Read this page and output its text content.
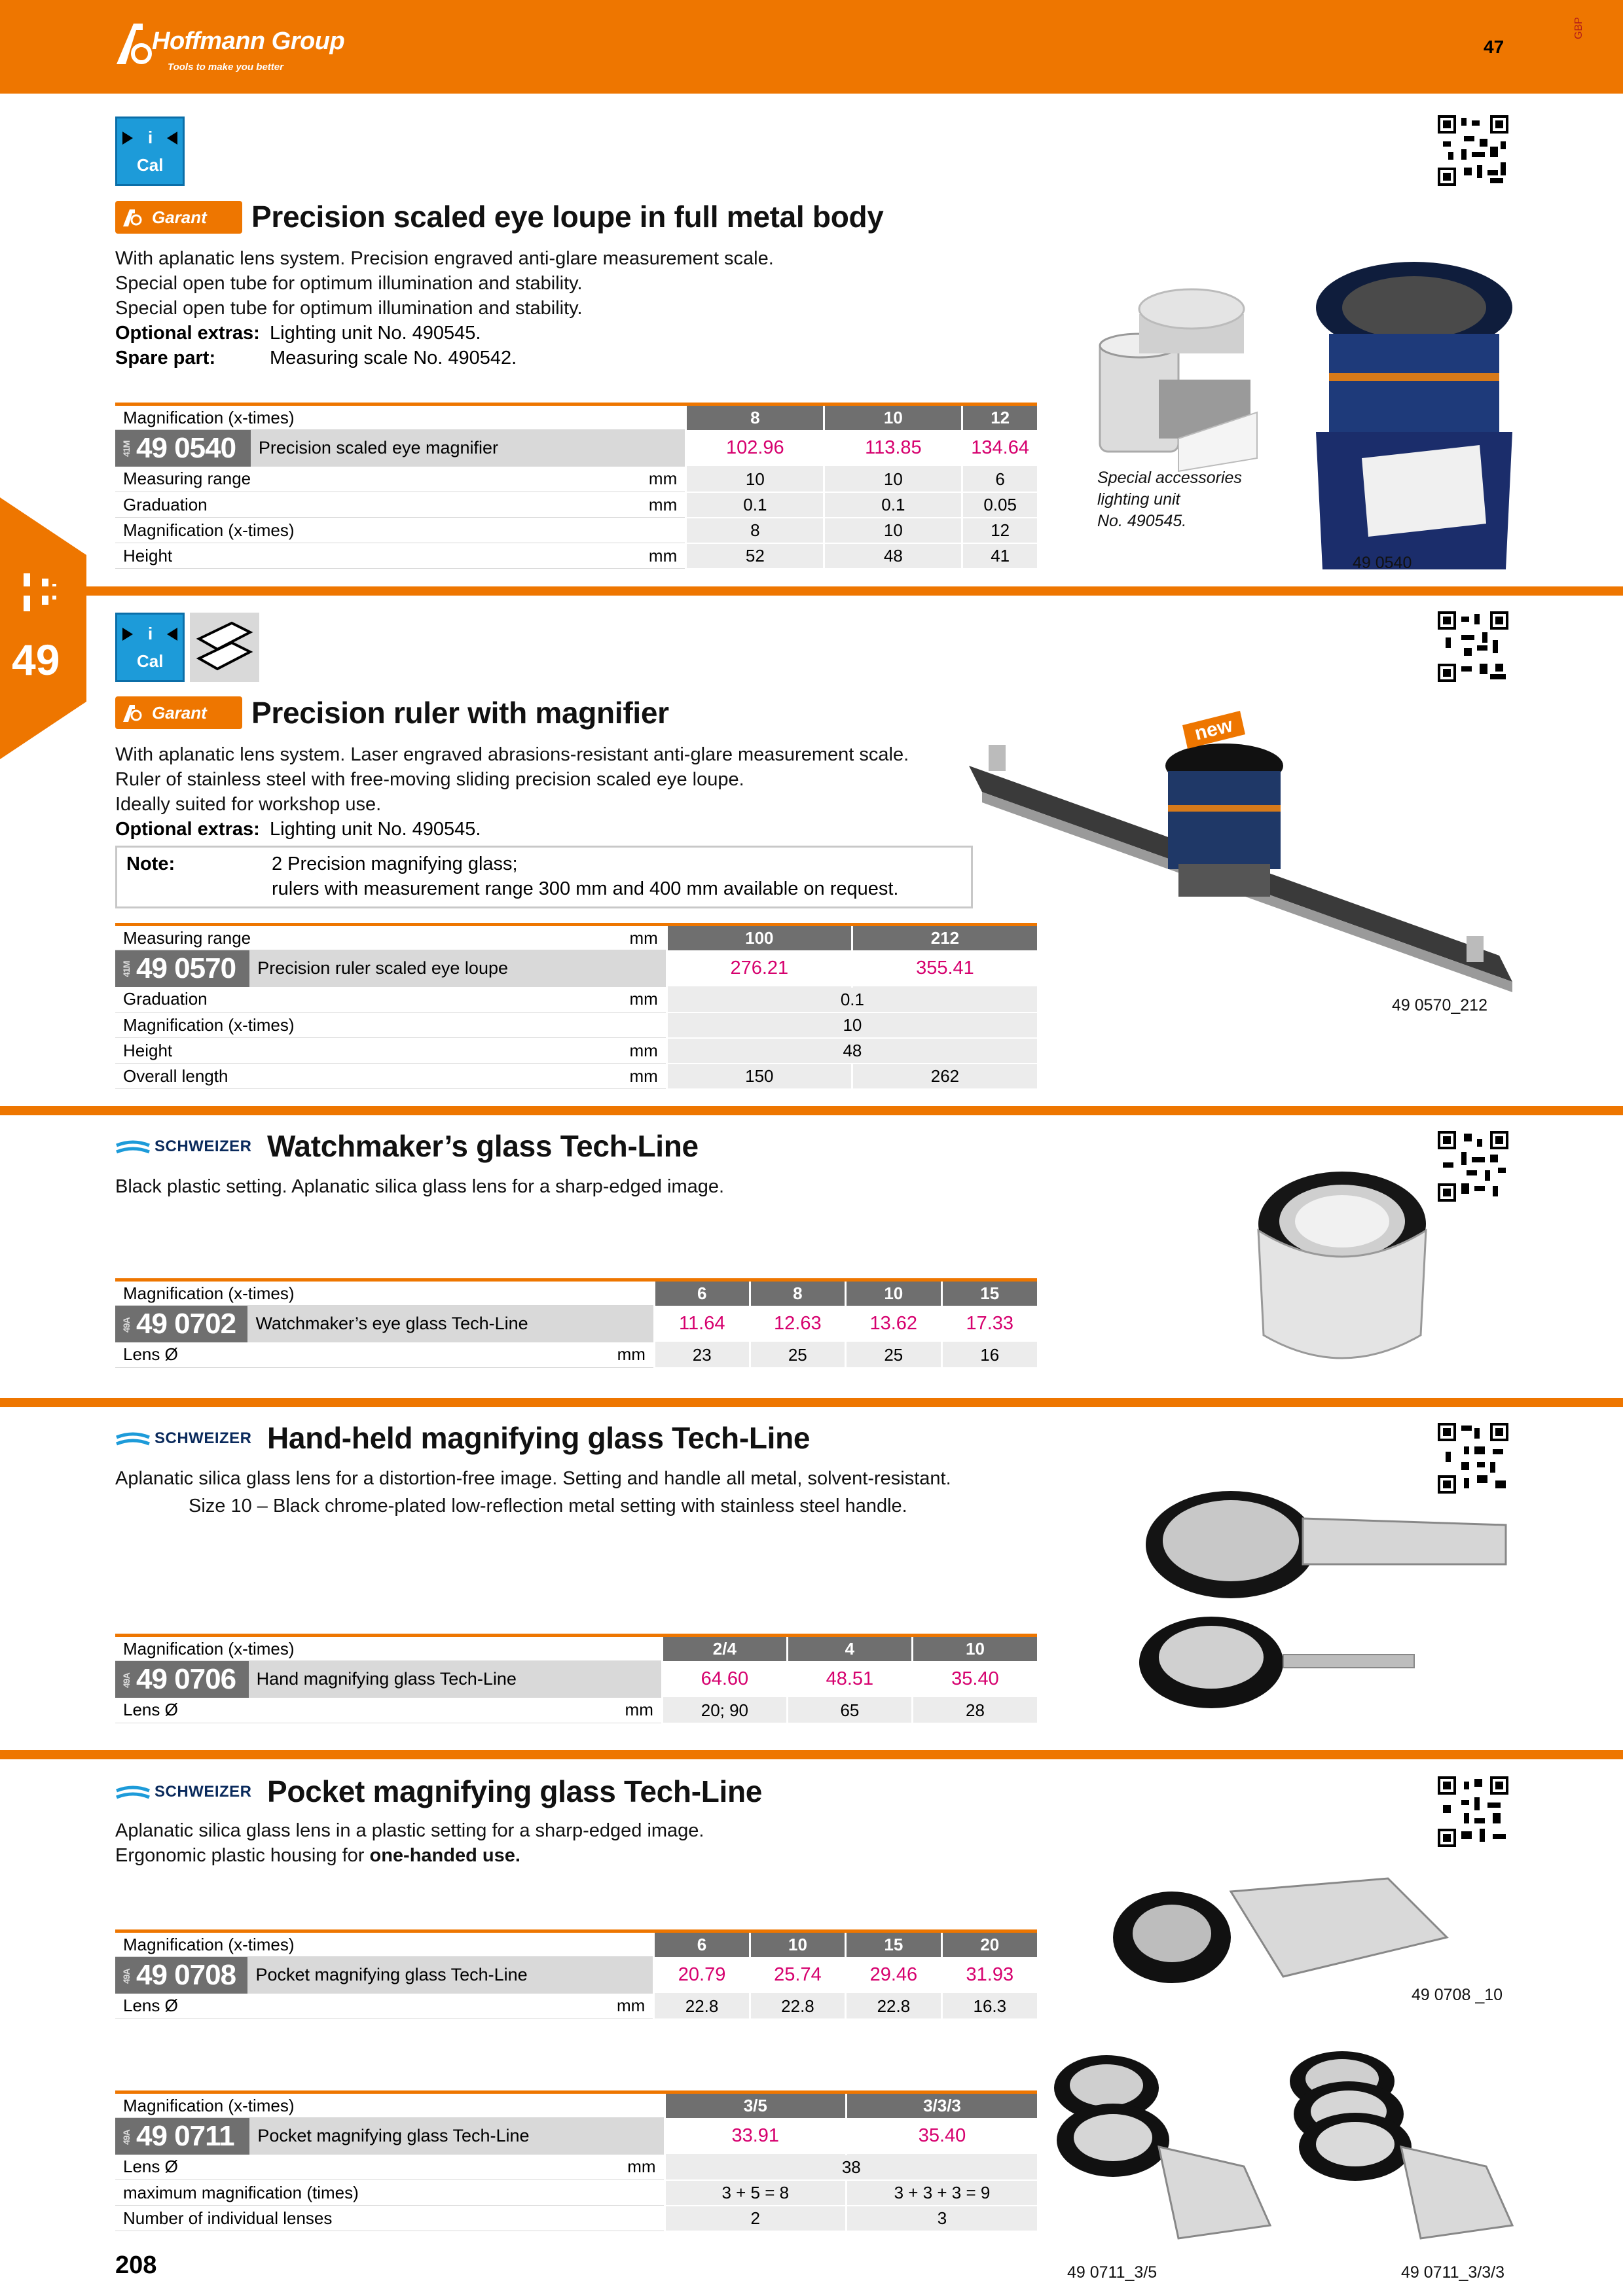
Hoffmann Group
Tools to make you better
47
GBP
49
i
Cal
Garant	Precision scaled eye loupe in full metal body
With aplanatic lens system. Precision engraved anti-glare measurement scale.
Special open tube for optimum illumination and stability.
Special open tube for optimum illumination and stability.
Optional extras: Lighting unit No. 490545.
Spare part:	Measuring scale No. 490542.
Magnification (x-times)			8	10	12
41M 49 0540	Precision scaled eye magnifier		102.96	113.85	134.64
Measuring range		mm	10	10	6
Graduation		mm	0.1	0.1	0.05
Magnification (x-times)			8	10	12
Height		mm	52	48	41
Special accessories
lighting unit
No. 490545.
49 0540
i
Cal
Garant	Precision ruler with magnifier
With aplanatic lens system. Laser engraved abrasions-resistant anti-glare measurement scale.
Ruler of stainless steel with free-moving sliding precision scaled eye loupe.
Ideally suited for workshop use.
Optional extras: Lighting unit No. 490545.
Note:	2 Precision magnifying glass;
rulers with measurement range 300 mm and 400 mm available on request.
Measuring range		mm	100	212
41M 49 0570	Precision ruler scaled eye loupe		276.21	355.41
Graduation		mm	0.1	
Magnification (x-times)			10	
Height		mm	48	
Overall length		mm	150	262
new
49 0570_212
SCHWEIZER Watchmaker’s glass Tech-Line
Black plastic setting. Aplanatic silica glass lens for a sharp-edged image.
Magnification (x-times)			6	8	10	15
49A 49 0702	Watchmaker’s eye glass Tech-Line		11.64	12.63	13.62	17.33
Lens Ø		mm	23	25	25	16
SCHWEIZER Hand-held magnifying glass Tech-Line
Aplanatic silica glass lens for a distortion-free image. Setting and handle all metal, solvent-resistant.
Size 10 – Black chrome-plated low-reflection metal setting with stainless steel handle.
Magnification (x-times)			2/4	4	10
49A 49 0706	Hand magnifying glass Tech-Line		64.60	48.51	35.40
Lens Ø		mm	20; 90	65	28
SCHWEIZER Pocket magnifying glass Tech-Line
Aplanatic silica glass lens in a plastic setting for a sharp-edged image.
Ergonomic plastic housing for one-handed use.
49 0708 _10
Magnification (x-times)			6	10	15	20
49A 49 0708	Pocket magnifying glass Tech-Line		20.79	25.74	29.46	31.93
Lens Ø		mm	22.8	22.8	22.8	16.3
Magnification (x-times)			3/5	3/3/3
49A 49 0711	Pocket magnifying glass Tech-Line		33.91	35.40
Lens Ø		mm	38	
maximum magnification (times)			3 + 5 = 8	3 + 3 + 3 = 9
Number of individual lenses			2	3
49 0711_3/5	49 0711_3/3/3
208
